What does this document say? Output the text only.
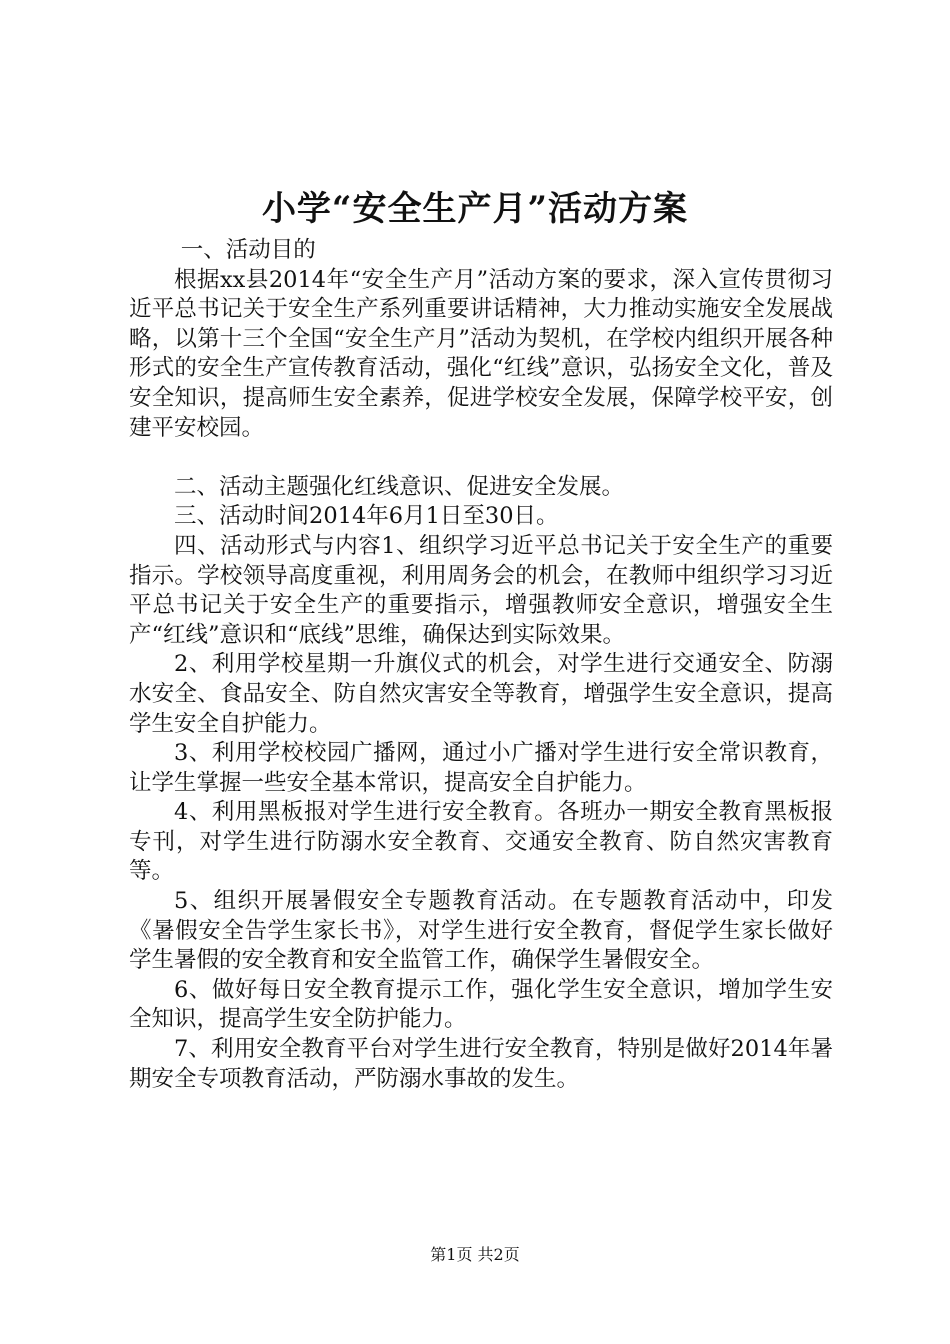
小学“安全生产月”活动方案

一、活动目的

根据xx县2014年“安全生产月”活动方案的要求，深入宣传贯彻习近平总书记关于安全生产系列重要讲话精神，大力推动实施安全发展战略，以第十三个全国“安全生产月”活动为契机，在学校内组织开展各种形式的安全生产宣传教育活动，强化“红线”意识，弘扬安全文化，普及安全知识，提高师生安全素养，促进学校安全发展，保障学校平安，创建平安校园。

二、活动主题强化红线意识、促进安全发展。

三、活动时间2014年6月1日至30日。

四、活动形式与内容1、组织学习近平总书记关于安全生产的重要指示。学校领导高度重视，利用周务会的机会，在教师中组织学习习近平总书记关于安全生产的重要指示，增强教师安全意识，增强安全生产“红线”意识和“底线”思维，确保达到实际效果。

2、利用学校星期一升旗仪式的机会，对学生进行交通安全、防溺水安全、食品安全、防自然灾害安全等教育，增强学生安全意识，提高学生安全自护能力。

3、利用学校校园广播网，通过小广播对学生进行安全常识教育，让学生掌握一些安全基本常识，提高安全自护能力。

4、利用黑板报对学生进行安全教育。各班办一期安全教育黑板报专刊，对学生进行防溺水安全教育、交通安全教育、防自然灾害教育等。

5、组织开展暑假安全专题教育活动。在专题教育活动中，印发《暑假安全告学生家长书》，对学生进行安全教育，督促学生家长做好学生暑假的安全教育和安全监管工作，确保学生暑假安全。

6、做好每日安全教育提示工作，强化学生安全意识，增加学生安全知识，提高学生安全防护能力。

7、利用安全教育平台对学生进行安全教育，特别是做好2014年暑期安全专项教育活动，严防溺水事故的发生。

第1页 共2页
